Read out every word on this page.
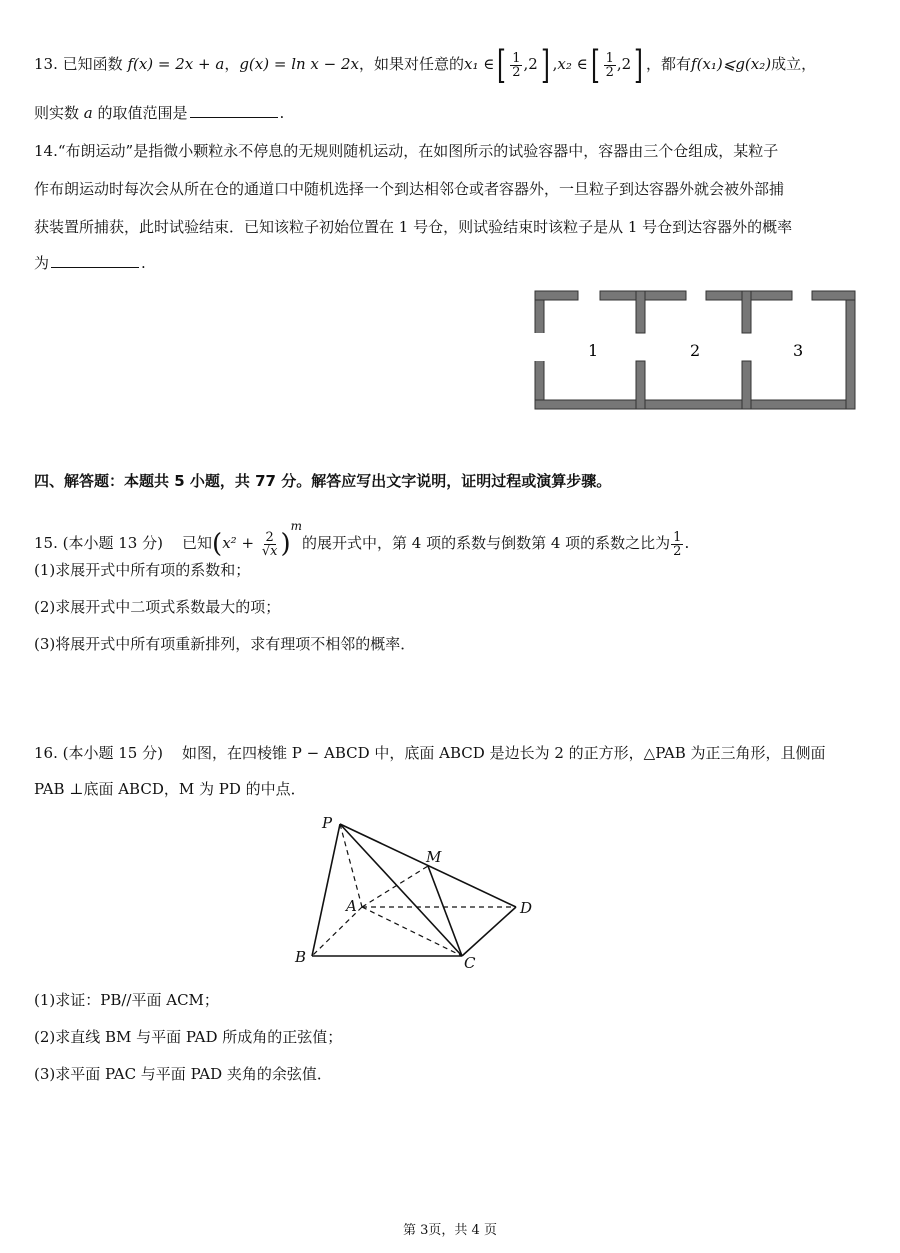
13. 已知函数 f(x) = 2x + a，g(x) = ln x − 2x，如果对任意的x₁ ∈[ $\frac{1}{2} ,2$] ,x₂ ∈[ $\frac{1}{2} ,2$] ，都有f(x₁)⩽g(x₂)成立，
则实数 a 的取值范围是	.
14.“布朗运动”是指微小颗粒永不停息的无规则随机运动，在如图所示的试验容器中，容器由三个仓组成，某粒子
作布朗运动时每次会从所在仓的通道口中随机选择一个到达相邻仓或者容器外，一旦粒子到达容器外就会被外部捕
获装置所捕获，此时试验结束．已知该粒子初始位置在 1 号仓，则试验结束时该粒子是从 1 号仓到达容器外的概率
为	.
1	2	3
四、解答题：本题共 5 小题，共 77 分。解答应写出文字说明，证明过程或演算步骤。
15. (本小题 13 分) 已知$(x^2 + \frac{2}{√x} )^m$的展开式中，第 4 项的系数与倒数第 4 项的系数之比为 $\frac{1}{2}$ .
(1)求展开式中所有项的系数和；
(2)求展开式中二项式系数最大的项；
(3)将展开式中所有项重新排列，求有理项不相邻的概率．
16. (本小题 15 分) 如图，在四棱锥 P − ABCD 中，底面 ABCD 是边长为 2 的正方形，△PAB 为正三角形，且侧面
PAB ⊥底面 ABCD，M 为 PD 的中点．
P
M
A	D
B	C
(1)求证：PB//平面 ACM；
(2)求直线 BM 与平面 PAD 所成角的正弦值；
(3)求平面 PAC 与平面 PAD 夹角的余弦值．
第 3页，共 4 页
